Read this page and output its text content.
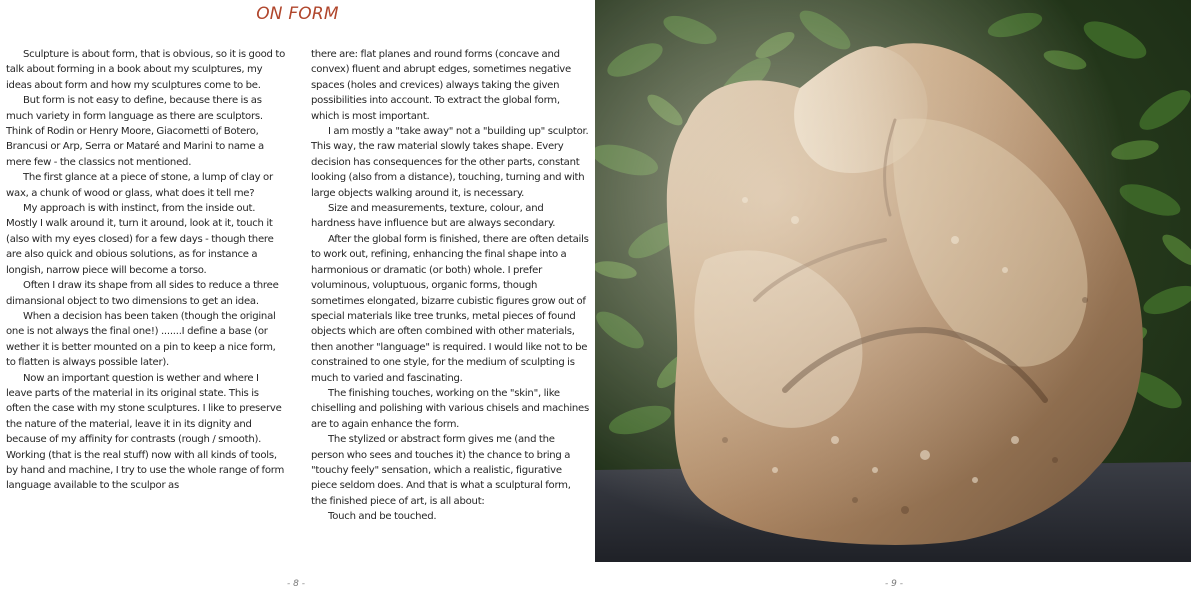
ON FORM

Sculpture is about form, that is obvious, so it is good to talk about forming in a book about my sculptures, my ideas about form and how my sculptures come to be.

But form is not easy to define, because there is as much variety in form language as there are sculptors. Think of Rodin or Henry Moore, Giacometti of Botero, Brancusi or Arp, Serra or Mataré and Marini to name a mere few - the classics not mentioned.

The first glance at a piece of stone, a lump of clay or wax, a chunk of wood or glass, what does it tell me?

My approach is with instinct, from the inside out. Mostly I walk around it, turn it around, look at it, touch it (also with my eyes closed) for a few days - though there are also quick and obious solutions, as for instance a longish, narrow piece will become a torso.

Often I draw its shape from all sides to reduce a three dimansional object to two dimensions to get an idea.

When a decision has been taken (though the original one is not always the final one!) .......I define a base (or wether it is better mounted on a pin to keep a nice form, to flatten is always possible later).

Now an important question is wether and where I leave parts of the material in its original state. This is often the case with my stone sculptures. I like to preserve the nature of the material, leave it in its dignity and because of my affinity for contrasts (rough / smooth). Working (that is the real stuff) now with all kinds of tools, by hand and machine, I try to use the whole range of form language available to the sculpor as

there are: flat planes and round forms (concave and convex) fluent and abrupt edges, sometimes negative spaces (holes and crevices) always taking the given possibilities into account. To extract the global form, which is most important.

I am mostly a "take away" not a "building up" sculptor. This way, the raw material slowly takes shape. Every decision has consequences for the other parts, constant looking (also from a distance), touching, turning and with large objects walking around it, is necessary.

Size and measurements, texture, colour, and hardness have influence but are always secondary.

After the global form is finished, there are often details to work out, refining, enhancing the final shape into a harmonious or dramatic (or both) whole. I prefer voluminous, voluptuous, organic forms, though sometimes elongated, bizarre cubistic figures grow out of special materials like tree trunks, metal pieces of found objects which are often combined with other materials, then another "language" is required. I would like not to be constrained to one style, for the medium of sculpting is much to varied and fascinating.

The finishing touches, working on the "skin", like chiselling and polishing with various chisels and machines are to again enhance the form.

The stylized or abstract form gives me (and the person who sees and touches it) the chance to bring a "touchy feely" sensation, which a realistic, figurative piece seldom does. And that is what a sculptural form, the finished piece of art, is all about:

Touch and be touched.

- 8 -	- 9 -
